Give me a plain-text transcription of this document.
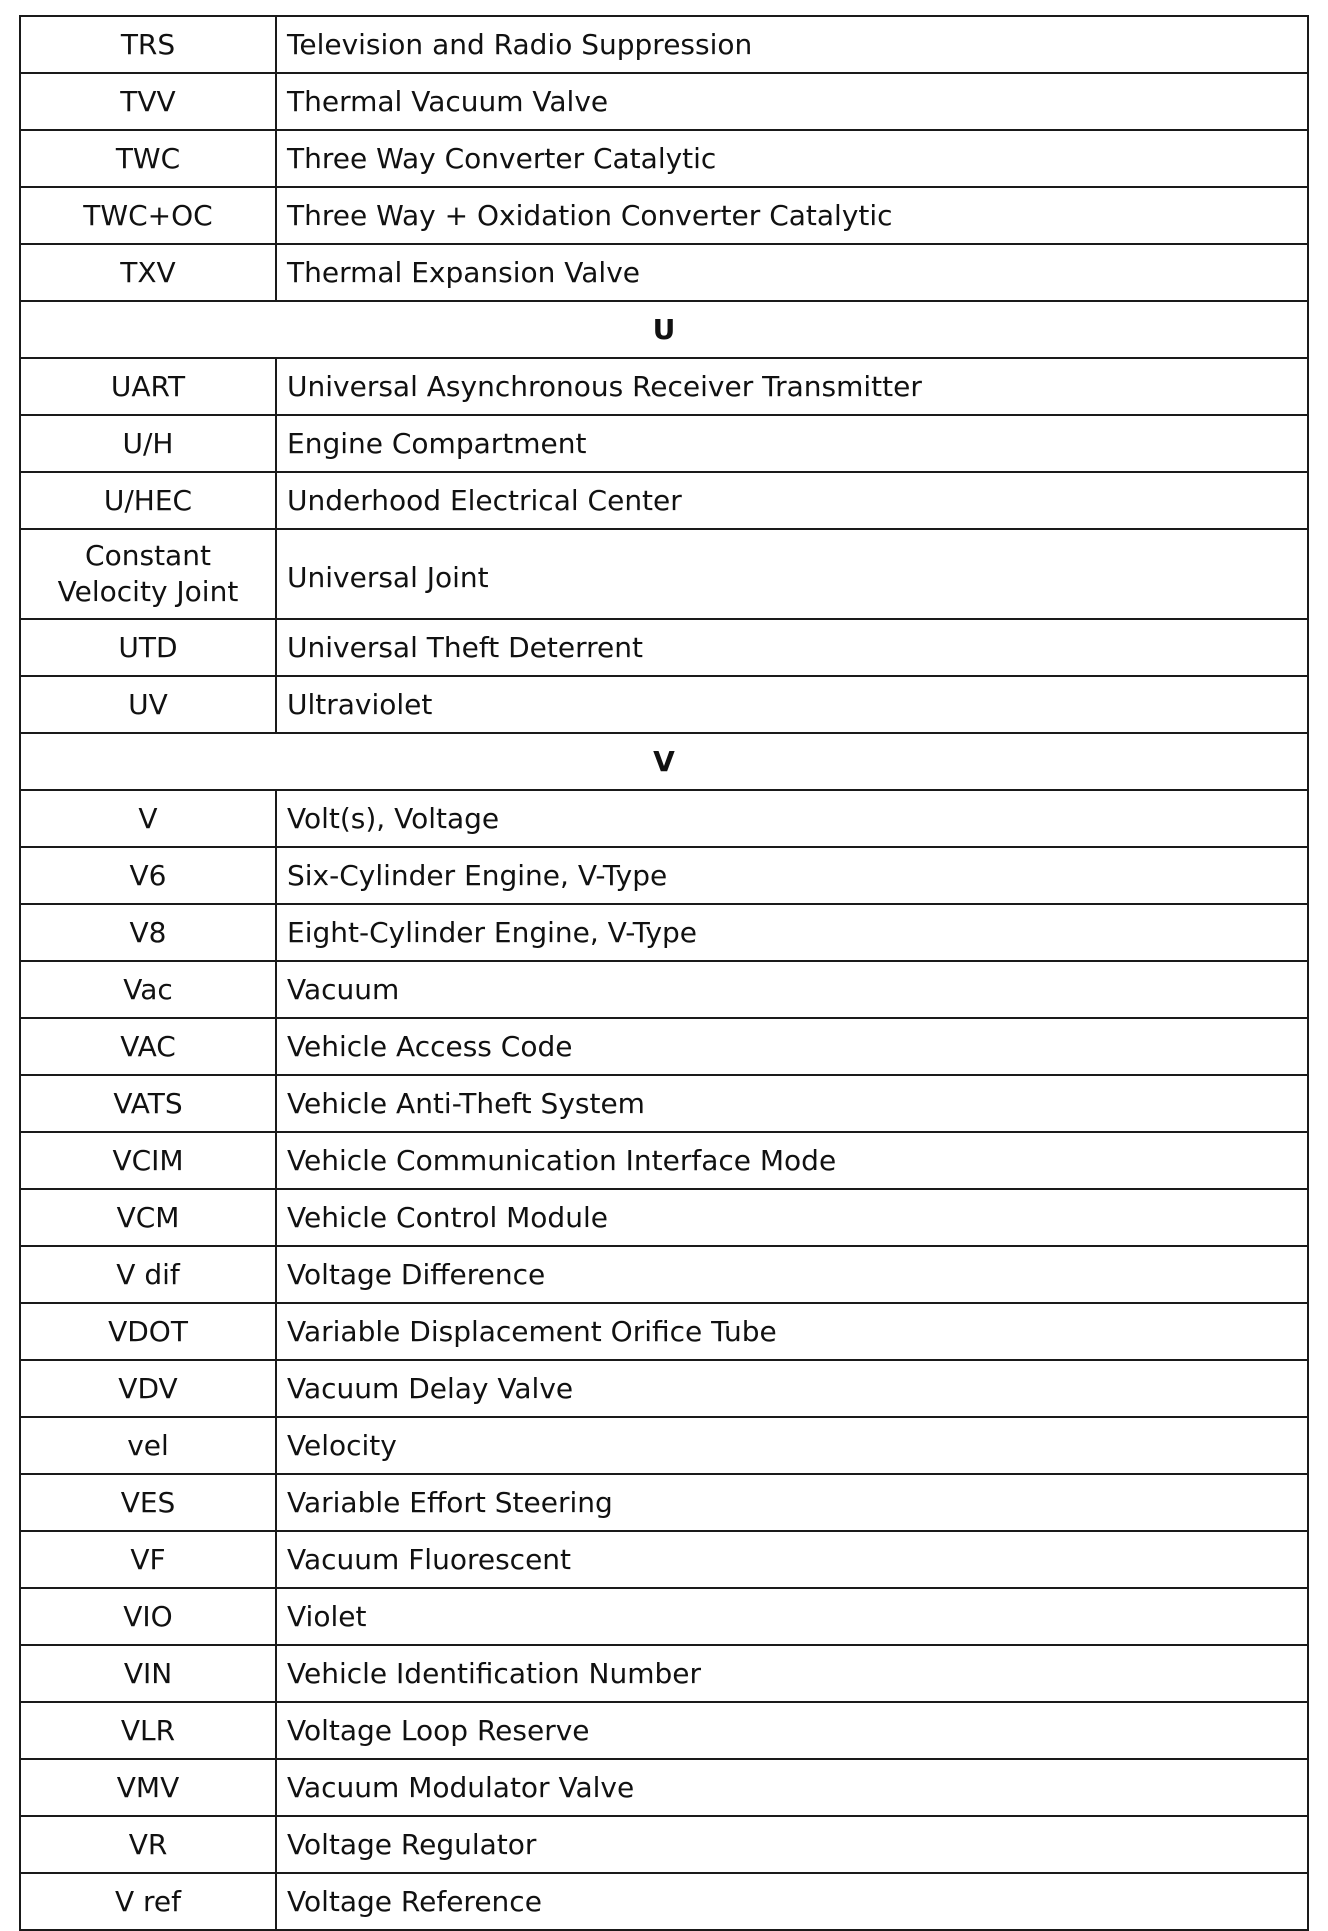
TRS	Television and Radio Suppression
TVV	Thermal Vacuum Valve
TWC	Three Way Converter Catalytic
TWC+OC	Three Way + Oxidation Converter Catalytic
TXV	Thermal Expansion Valve
U	
UART	Universal Asynchronous Receiver Transmitter
U/H	Engine Compartment
U/HEC	Underhood Electrical Center
Constant Velocity Joint	Universal Joint
UTD	Universal Theft Deterrent
UV	Ultraviolet
V	
V	Volt(s), Voltage
V6	Six-Cylinder Engine, V-Type
V8	Eight-Cylinder Engine, V-Type
Vac	Vacuum
VAC	Vehicle Access Code
VATS	Vehicle Anti-Theft System
VCIM	Vehicle Communication Interface Mode
VCM	Vehicle Control Module
V dif	Voltage Difference
VDOT	Variable Displacement Orifice Tube
VDV	Vacuum Delay Valve
vel	Velocity
VES	Variable Effort Steering
VF	Vacuum Fluorescent
VIO	Violet
VIN	Vehicle Identification Number
VLR	Voltage Loop Reserve
VMV	Vacuum Modulator Valve
VR	Voltage Regulator
V ref	Voltage Reference
